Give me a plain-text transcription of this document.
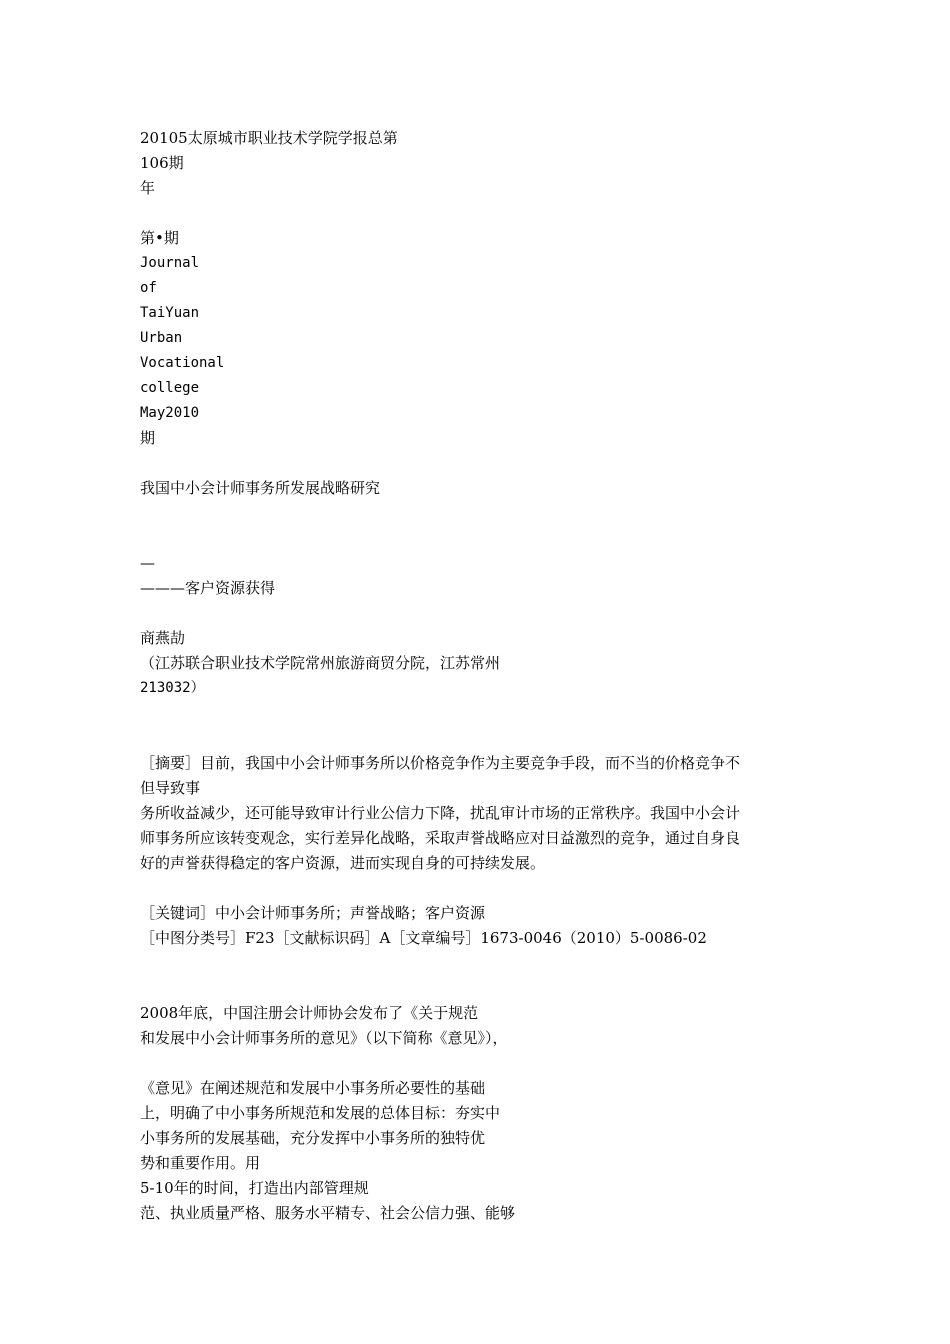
20105太原城市职业技术学院学报总第
106期
年
第•期
Journal
of
TaiYuan
Urban
Vocational
college
May2010
期
我国中小会计师事务所发展战略研究
—
———客户资源获得
商燕劼
（江苏联合职业技术学院常州旅游商贸分院，江苏常州
213032）
［摘要］目前，我国中小会计师事务所以价格竞争作为主要竞争手段，而不当的价格竞争不
但导致事
务所收益减少，还可能导致审计行业公信力下降，扰乱审计市场的正常秩序。我国中小会计
师事务所应该转变观念，实行差异化战略，采取声誉战略应对日益激烈的竞争，通过自身良
好的声誉获得稳定的客户资源，进而实现自身的可持续发展。
［关键词］中小会计师事务所；声誉战略；客户资源
［中图分类号］F23［文献标识码］A［文章编号］1673-0046（2010）5-0086-02
2008年底，中国注册会计师协会发布了《关于规范
和发展中小会计师事务所的意见》（以下简称《意见》），
《意见》在阐述规范和发展中小事务所必要性的基础
上，明确了中小事务所规范和发展的总体目标：夯实中
小事务所的发展基础，充分发挥中小事务所的独特优
势和重要作用。用
5-10年的时间，打造出内部管理规
范、执业质量严格、服务水平精专、社会公信力强、能够
